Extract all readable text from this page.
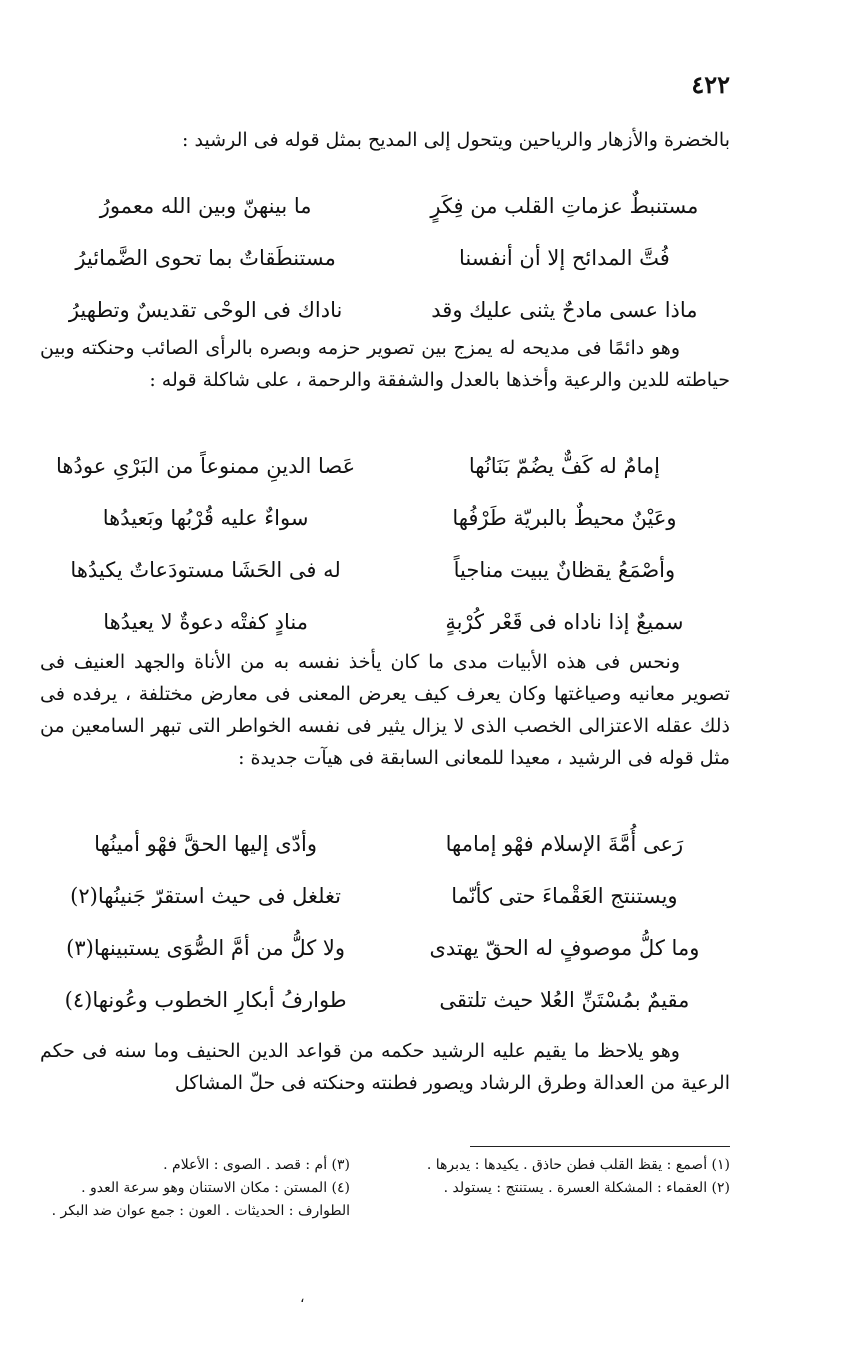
٤٢٢

بالخضرة والأزهار والرياحين ويتحول إلى المديح بمثل قوله فى الرشيد :

مستنبطٌ عزماتِ القلب من فِكَرٍ
ما بينهنّ وبين الله معمورُ
فُتَّ المدائح إلا أن أنفسنا
مستنطَقاتٌ بما تحوى الضَّمائيرُ
ماذا عسى مادحٌ يثنى عليك وقد
ناداك فى الوحْى تقديسٌ وتطهيرُ

وهو دائمًا فى مديحه له يمزج بين تصوير حزمه وبصره بالرأى الصائب وحنكته وبين حياطته للدين والرعية وأخذها بالعدل والشفقة والرحمة ، على شاكلة قوله :

إمامٌ له كَفٌّ يضُمّ بَنَانُها
عَصا الدينِ ممنوعاً من البَرْىِ عودُها
وعَيْنٌ محيطٌ بالبريّة طَرْفُها
سواءٌ عليه قُرْبُها وبَعيدُها
وأصْمَعُ يقظانٌ يبيت مناجياً
له فى الحَشَا مستودَعاتٌ يكيدُها
سميعٌ إذا ناداه فى قَعْر كُرْبةٍ
منادٍ كفتْه دعوةٌ لا يعيدُها

ونحس فى هذه الأبيات مدى ما كان يأخذ نفسه به من الأناة والجهد العنيف فى تصوير معانيه وصياغتها وكان يعرف كيف يعرض المعنى فى معارض مختلفة ، يرفده فى ذلك عقله الاعتزالى الخصب الذى لا يزال يثير فى نفسه الخواطر التى تبهر السامعين من مثل قوله فى الرشيد ، معيدا للمعانى السابقة فى هيآت جديدة :

رَعى أُمَّةَ الإسلام فهْو إمامها
وأدّى إليها الحقَّ فهْو أمينُها
ويستنتج العَقْماءَ حتى كأنّما
تغلغل فى حيث استقرّ جَنينُها(٢)
وما كلُّ موصوفٍ له الحقّ يهتدى
ولا كلُّ من أمَّ الصُّوَى يستبينها(٣)
مقيمٌ بمُسْتَنِّ العُلا حيث تلتقى
طوارفُ أبكارِ الخطوب وعُونها(٤)

وهو يلاحظ ما يقيم عليه الرشيد حكمه من قواعد الدين الحنيف وما سنه فى حكم الرعية من العدالة وطرق الرشاد ويصور فطنته وحنكته فى حلّ المشاكل

(١) أصمع : يقظ القلب فطن حاذق . يكيدها : يدبرها .

(٢) العقماء : المشكلة العسرة . يستنتج : يستولد .

(٣) أم : قصد . الصوى : الأعلام .

(٤) المستن : مكان الاستنان وهو سرعة العدو . الطوارف : الحديثات . العون : جمع عوان ضد البكر .

،
